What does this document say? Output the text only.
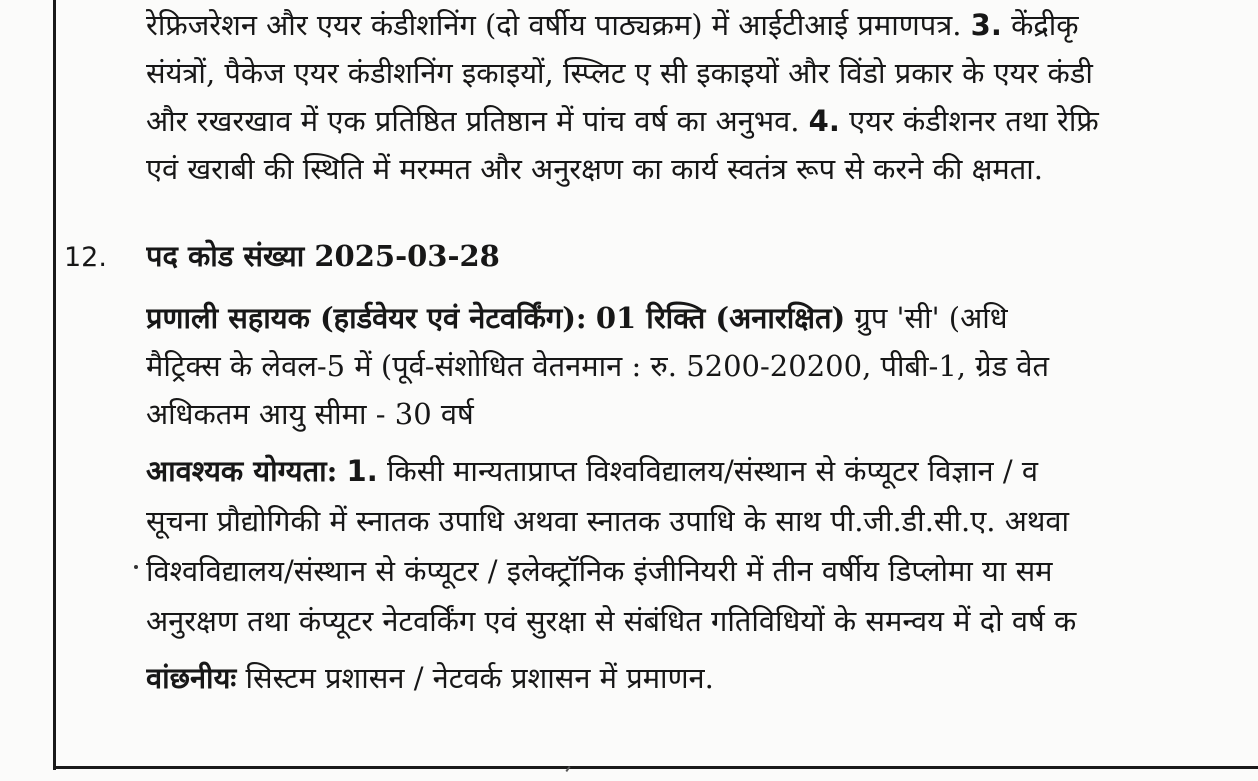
रेफ्रिजरेशन और एयर कंडीशनिंग (दो वर्षीय पाठ्यक्रम) में आईटीआई प्रमाणपत्र. 3. केंद्रीकृ
संयंत्रों, पैकेज एयर कंडीशनिंग इकाइयों, स्प्लिट ए सी इकाइयों और विंडो प्रकार के एयर कंडी
और रखरखाव में एक प्रतिष्ठित प्रतिष्ठान में पांच वर्ष का अनुभव. 4. एयर कंडीशनर तथा रेफ्रि
एवं खराबी की स्थिति में मरम्मत और अनुरक्षण का कार्य स्वतंत्र रूप से करने की क्षमता.
12. पद कोड संख्या 2025-03-28
प्रणाली सहायक (हार्डवेयर एवं नेटवर्किंग): 01 रिक्ति (अनारक्षित) ग्रुप 'सी' (अधि
मैट्रिक्स के लेवल-5 में (पूर्व-संशोधित वेतनमान : रु. 5200-20200, पीबी-1, ग्रेड वेत
अधिकतम आयु सीमा - 30 वर्ष
आवश्यक योग्यता: 1. किसी मान्यताप्राप्त विश्वविद्यालय/संस्थान से कंप्यूटर विज्ञान / व
सूचना प्रौद्योगिकी में स्नातक उपाधि अथवा स्नातक उपाधि के साथ पी.जी.डी.सी.ए. अथवा
विश्वविद्यालय/संस्थान से कंप्यूटर / इलेक्ट्रॉनिक इंजीनियरी में तीन वर्षीय डिप्लोमा या सम
अनुरक्षण तथा कंप्यूटर नेटवर्किंग एवं सुरक्षा से संबंधित गतिविधियों के समन्वय में दो वर्ष क
वांछनीयः सिस्टम प्रशासन / नेटवर्क प्रशासन में प्रमाणन.
